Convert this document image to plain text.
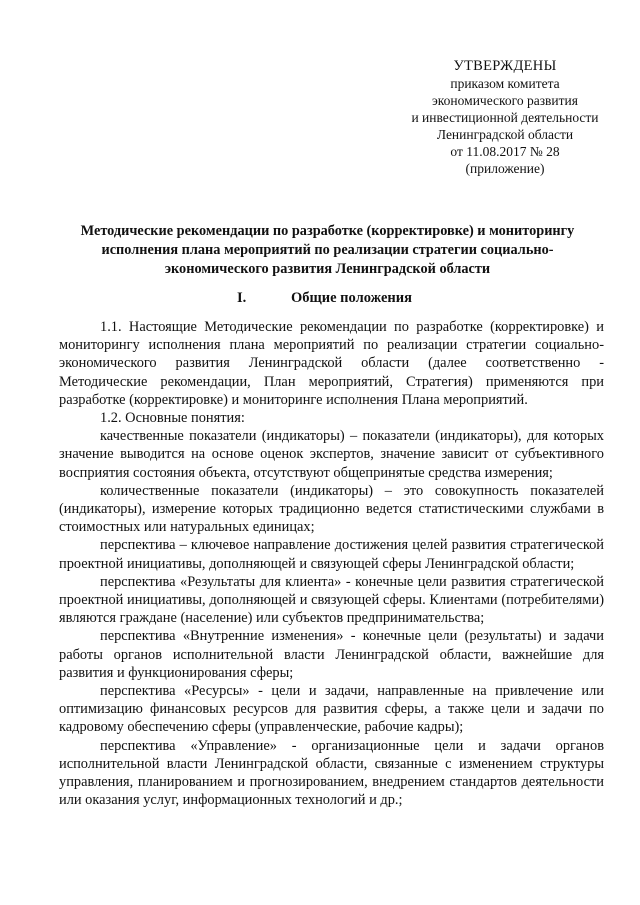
УТВЕРЖДЕНЫ
приказом комитета
экономического развития
и инвестиционной деятельности
Ленинградской области
от 11.08.2017 № 28
(приложение)
Методические рекомендации по разработке (корректировке) и мониторингу
исполнения плана мероприятий по реализации стратегии социально-
экономического развития Ленинградской области
I.	Общие положения

1.1. Настоящие Методические рекомендации по разработке (корректировке) и мониторингу исполнения плана мероприятий по реализации стратегии социально-экономического развития Ленинградской области (далее соответственно - Методические рекомендации, План мероприятий, Стратегия) применяются при разработке (корректировке) и мониторинге исполнения Плана мероприятий.

1.2. Основные понятия:

качественные показатели (индикаторы) – показатели (индикаторы), для которых значение выводится на основе оценок экспертов, значение зависит от субъективного восприятия состояния объекта, отсутствуют общепринятые средства измерения;

количественные показатели (индикаторы) – это совокупность показателей (индикаторы), измерение которых традиционно ведется статистическими службами в стоимостных или натуральных единицах;

перспектива – ключевое направление достижения целей развития стратегической проектной инициативы, дополняющей и связующей сферы Ленинградской области;

перспектива «Результаты для клиента» - конечные цели развития стратегической проектной инициативы, дополняющей и связующей сферы. Клиентами (потребителями) являются граждане (население) или субъектов предпринимательства;

перспектива «Внутренние изменения» - конечные цели (результаты) и задачи работы органов исполнительной власти Ленинградской области, важнейшие для развития и функционирования сферы;

перспектива «Ресурсы» - цели и задачи, направленные на привлечение или оптимизацию финансовых ресурсов для развития сферы, а также цели и задачи по кадровому обеспечению сферы (управленческие, рабочие кадры);

перспектива «Управление» - организационные цели и задачи органов исполнительной власти Ленинградской области, связанные с изменением структуры управления, планированием и прогнозированием, внедрением стандартов деятельности или оказания услуг, информационных технологий и др.;
